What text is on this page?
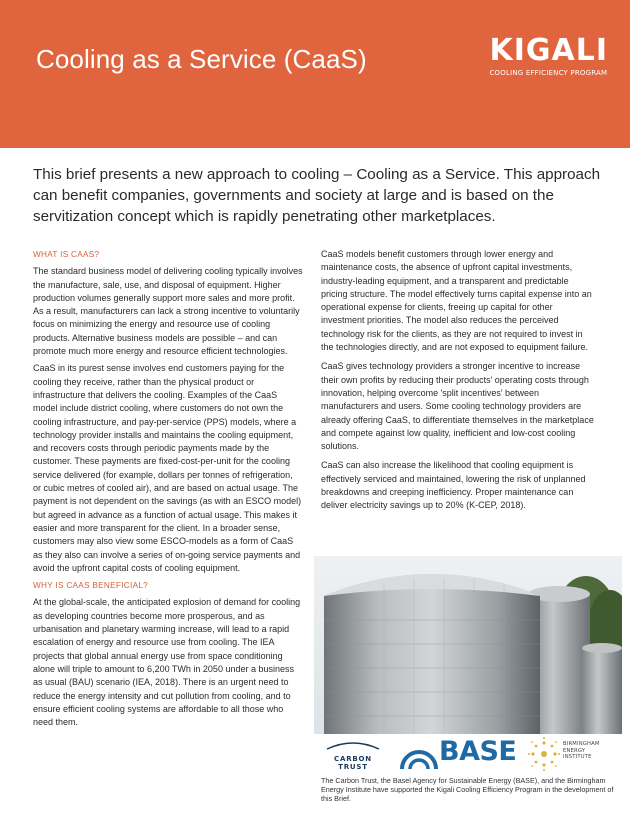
Cooling as a Service (CaaS)	KIGALI
COOLING EFFICIENCY PROGRAM

This brief presents a new approach to cooling – Cooling as a Service. This approach can benefit companies, governments and society at large and is based on the servitization concept which is rapidly penetrating other marketplaces.

WHAT IS CAAS?

The standard business model of delivering cooling typically involves the manufacture, sale, use, and disposal of equipment. Higher production volumes generally support more sales and more profit. As a result, manufacturers can lack a strong incentive to voluntarily focus on minimizing the energy and resource use of cooling products. Alternative business models are possible – and can promote much more energy and resource efficient technologies.

CaaS in its purest sense involves end customers paying for the cooling they receive, rather than the physical product or infrastructure that delivers the cooling. Examples of the CaaS model include district cooling, where customers do not own the cooling infrastructure, and pay-per-service (PPS) models, where a technology provider installs and maintains the cooling equipment, and recovers costs through periodic payments made by the customer. These payments are fixed-cost-per-unit for the cooling service delivered (for example, dollars per tonnes of refrigeration, or cubic metres of cooled air), and are based on actual usage. The payment is not dependent on the savings (as with an ESCO model) but agreed in advance as a function of actual usage. This makes it easier and more transparent for the client. In a broader sense, customers may also view some ESCO-models as a form of CaaS as they also can involve a series of on-going service payments and avoid the upfront capital costs of cooling equipment.

WHY IS CAAS BENEFICIAL?

At the global-scale, the anticipated explosion of demand for cooling as developing countries become more prosperous, and as urbanisation and planetary warming increase, will lead to a rapid escalation of energy and resource use from cooling. The IEA projects that global annual energy use from space conditioning alone will triple to amount to 6,200 TWh in 2050 under a business as usual (BAU) scenario (IEA, 2018). There is an urgent need to reduce the energy intensity and cut pollution from cooling, and to ensure efficient cooling systems are affordable to all those who need them.

CaaS models benefit customers through lower energy and maintenance costs, the absence of upfront capital investments, industry-leading equipment, and a transparent and predictable pricing structure. The model effectively turns capital expense into an operational expense for clients, freeing up capital for other investment priorities. The model also reduces the perceived technology risk for the clients, as they are not required to invest in the technologies directly, and are not exposed to equipment failure.

CaaS gives technology providers a stronger incentive to increase their own profits by reducing their products' operating costs through innovation, helping overcome 'split incentives' between manufacturers and users. Some cooling technology providers are already offering CaaS, to differentiate themselves in the marketplace and compete against low quality, inefficient and low-cost cooling solutions.

CaaS can also increase the likelihood that cooling equipment is effectively serviced and maintained, lowering the risk of unplanned breakdowns and creeping inefficiency. Proper maintenance can deliver electricity savings up to 20% (K-CEP, 2018).

CARBON
TRUST	BASE	BIRMINGHAM
ENERGY
INSTITUTE

The Carbon Trust, the Basel Agency for Sustainable Energy (BASE), and the Birmingham Energy Institute have supported the Kigali Cooling Efficiency Program in the development of this Brief.
